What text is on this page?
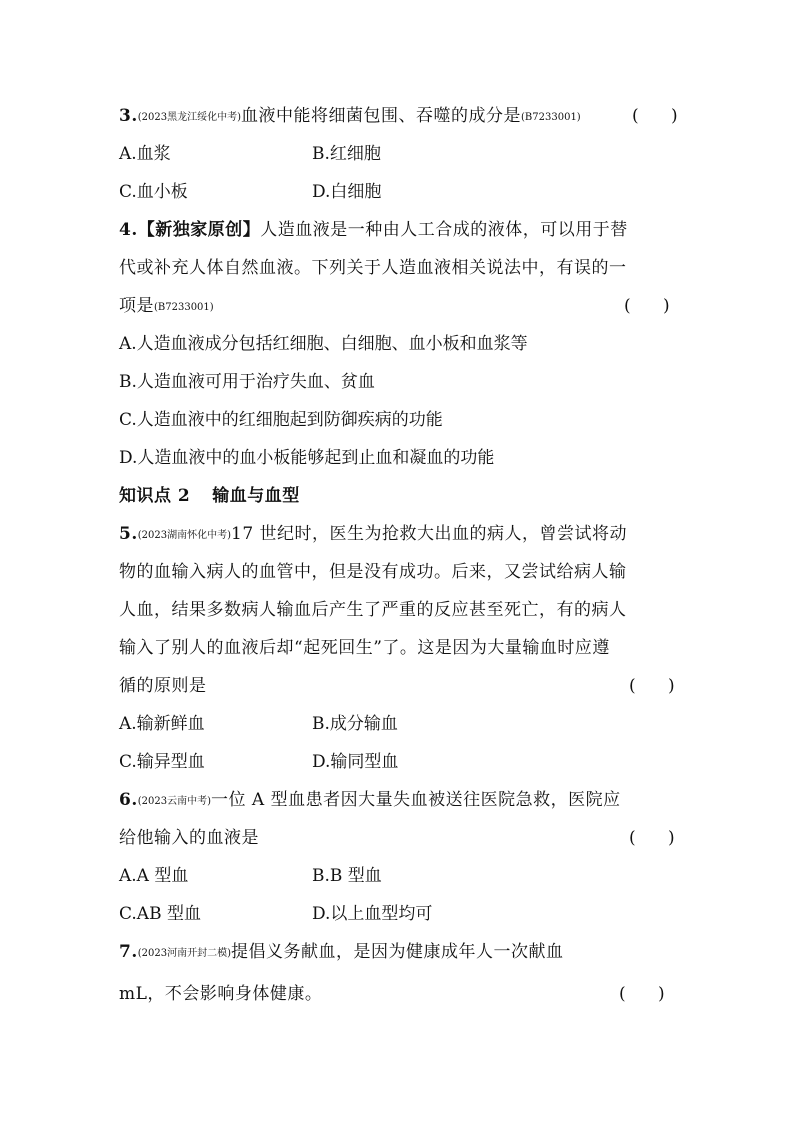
3.(2023黑龙江绥化中考)血液中能将细菌包围、吞噬的成分是(B7233001)	(      )
A.血浆	B.红细胞
C.血小板	D.白细胞
4.【新独家原创】人造血液是一种由人工合成的液体，可以用于替
代或补充人体自然血液。下列关于人造血液相关说法中，有误的一
项是(B7233001)	(      )
A.人造血液成分包括红细胞、白细胞、血小板和血浆等
B.人造血液可用于治疗失血、贫血
C.人造血液中的红细胞起到防御疾病的功能
D.人造血液中的血小板能够起到止血和凝血的功能
知识点 2 输血与血型
5.(2023湖南怀化中考)17 世纪时，医生为抢救大出血的病人，曾尝试将动
物的血输入病人的血管中，但是没有成功。后来，又尝试给病人输
人血，结果多数病人输血后产生了严重的反应甚至死亡，有的病人
输入了别人的血液后却“起死回生”了。这是因为大量输血时应遵
循的原则是	(      )
A.输新鲜血	B.成分输血
C.输异型血	D.输同型血
6.(2023云南中考)一位 A 型血患者因大量失血被送往医院急救，医院应
给他输入的血液是	(      )
A.A 型血	B.B 型血
C.AB 型血	D.以上血型均可
7.(2023河南开封二模)提倡义务献血，是因为健康成年人一次献血
mL，不会影响身体健康。	(      )
